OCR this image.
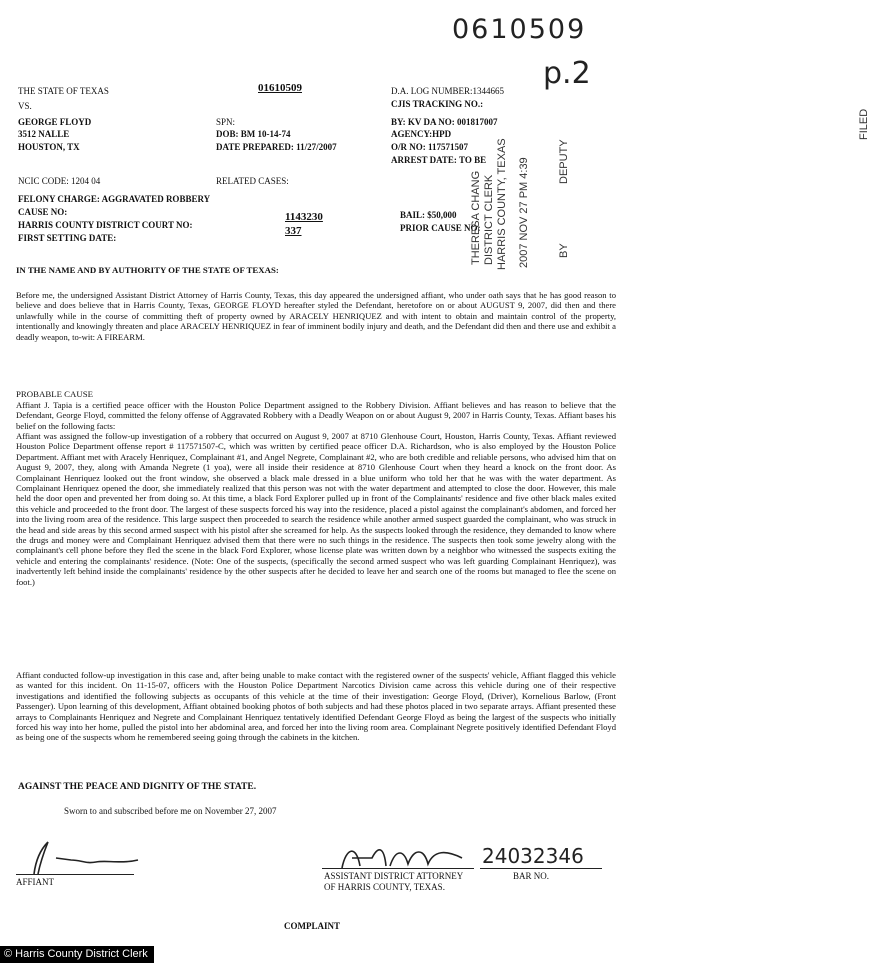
0610509
p.2
THE STATE OF TEXAS
VS.
GEORGE FLOYD
3512 NALLE
HOUSTON, TX
01610509
SPN:
DOB: BM 10-14-74
DATE PREPARED: 11/27/2007
D.A. LOG NUMBER:1344665
CJIS TRACKING NO.:
BY: KV DA NO: 001817007
AGENCY:HPD
O/R NO: 117571507
ARREST DATE: TO BE
NCIC CODE: 1204 04	RELATED CASES:
FELONY CHARGE: AGGRAVATED ROBBERY
CAUSE NO:
HARRIS COUNTY DISTRICT COURT NO:
FIRST SETTING DATE:
1143230
337
BAIL: $50,000
PRIOR CAUSE NO:
FILED
THERESA CHANG DISTRICT CLERK HARRIS COUNTY, TEXAS 2007 NOV 27 PM 4:39	BY
DEPUTY
IN THE NAME AND BY AUTHORITY OF THE STATE OF TEXAS:
Before me, the undersigned Assistant District Attorney of Harris County, Texas, this day appeared the undersigned affiant, who under oath says that he has good reason to believe and does believe that in Harris County, Texas, GEORGE FLOYD hereafter styled the Defendant, heretofore on or about AUGUST 9, 2007, did then and there unlawfully while in the course of committing theft of property owned by ARACELY HENRIQUEZ and with intent to obtain and maintain control of the property, intentionally and knowingly threaten and place ARACELY HENRIQUEZ in fear of imminent bodily injury and death, and the Defendant did then and there use and exhibit a deadly weapon, to-wit: A FIREARM.
PROBABLE CAUSE
Affiant J. Tapia is a certified peace officer with the Houston Police Department assigned to the Robbery Division. Affiant believes and has reason to believe that the Defendant, George Floyd, committed the felony offense of Aggravated Robbery with a Deadly Weapon on or about August 9, 2007 in Harris County, Texas. Affiant bases his belief on the following facts:
Affiant was assigned the follow-up investigation of a robbery that occurred on August 9, 2007 at 8710 Glenhouse Court, Houston, Harris County, Texas. Affiant reviewed Houston Police Department offense report # 117571507-C, which was written by certified peace officer D.A. Richardson, who is also employed by the Houston Police Department. Affiant met with Aracely Henriquez, Complainant #1, and Angel Negrete, Complainant #2, who are both credible and reliable persons, who advised him that on August 9, 2007, they, along with Amanda Negrete (1 yoa), were all inside their residence at 8710 Glenhouse Court when they heard a knock on the front door. As Complainant Henriquez looked out the front window, she observed a black male dressed in a blue uniform who told her that he was with the water department. As Complainant Henriquez opened the door, she immediately realized that this person was not with the water department and attempted to close the door. However, this male held the door open and prevented her from doing so. At this time, a black Ford Explorer pulled up in front of the Complainants' residence and five other black males exited this vehicle and proceeded to the front door. The largest of these suspects forced his way into the residence, placed a pistol against the complainant's abdomen, and forced her into the living room area of the residence. This large suspect then proceeded to search the residence while another armed suspect guarded the complainant, who was struck in the head and side areas by this second armed suspect with his pistol after she screamed for help. As the suspects looked through the residence, they demanded to know where the drugs and money were and Complainant Henriquez advised them that there were no such things in the residence. The suspects then took some jewelry along with the complainant's cell phone before they fled the scene in the black Ford Explorer, whose license plate was written down by a neighbor who witnessed the suspects exiting the vehicle and entering the complainants' residence. (Note: One of the suspects, (specifically the second armed suspect who was left guarding Complainant Henriquez), was inadvertently left behind inside the complainants' residence by the other suspects after he decided to leave her and search one of the rooms but managed to flee the scene on foot.)
Affiant conducted follow-up investigation in this case and, after being unable to make contact with the registered owner of the suspects' vehicle, Affiant flagged this vehicle as wanted for this incident. On 11-15-07, officers with the Houston Police Department Narcotics Division came across this vehicle during one of their respective investigations and identified the following subjects as occupants of this vehicle at the time of their investigation: George Floyd, (Driver), Kornelious Barlow, (Front Passenger). Upon learning of this development, Affiant obtained booking photos of both subjects and had these photos placed in two separate arrays. Affiant presented these arrays to Complainants Henriquez and Negrete and Complainant Henriquez tentatively identified Defendant George Floyd as being the largest of the suspects who initially forced his way into her home, pulled the pistol into her abdominal area, and forced her into the living room area. Complainant Negrete positively identified Defendant Floyd as being one of the suspects whom he remembered seeing going through the cabinets in the kitchen.
AGAINST THE PEACE AND DIGNITY OF THE STATE.
Sworn to and subscribed before me on November 27, 2007
AFFIANT
24032346
ASSISTANT DISTRICT ATTORNEY
OF HARRIS COUNTY, TEXAS.
BAR NO.
COMPLAINT
© Harris County District Clerk
